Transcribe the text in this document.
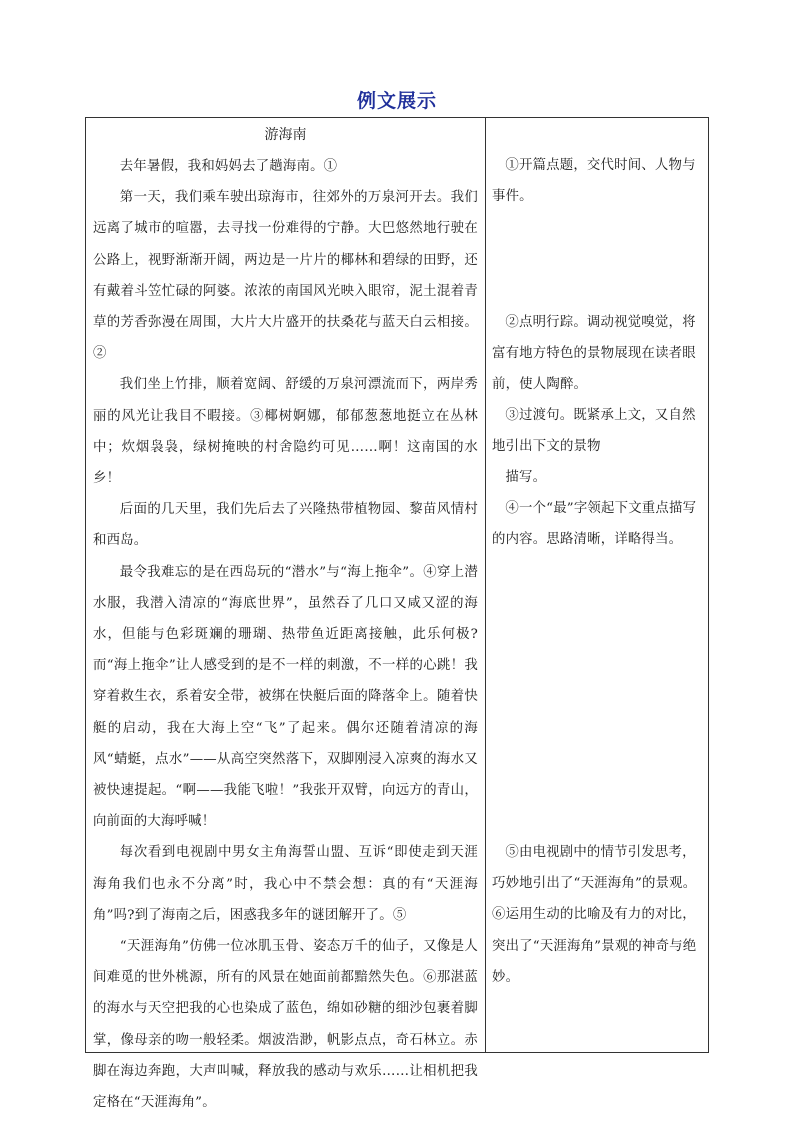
例文展示
游海南

去年暑假，我和妈妈去了趟海南。①

第一天，我们乘车驶出琼海市，往郊外的万泉河开去。我们远离了城市的喧嚣，去寻找一份难得的宁静。大巴悠然地行驶在公路上，视野渐渐开阔，两边是一片片的椰林和碧绿的田野，还有戴着斗笠忙碌的阿婆。浓浓的南国风光映入眼帘，泥土混着青草的芳香弥漫在周围，大片大片盛开的扶桑花与蓝天白云相接。②

我们坐上竹排，顺着宽阔、舒缓的万泉河漂流而下，两岸秀丽的风光让我目不暇接。③椰树婀娜，郁郁葱葱地挺立在丛林中；炊烟袅袅，绿树掩映的村舍隐约可见……啊！这南国的水乡！

后面的几天里，我们先后去了兴隆热带植物园、黎苗风情村和西岛。

最令我难忘的是在西岛玩的“潜水”与“海上拖伞”。④穿上潜水服，我潜入清凉的“海底世界”，虽然吞了几口又咸又涩的海水，但能与色彩斑斓的珊瑚、热带鱼近距离接触，此乐何极?而“海上拖伞”让人感受到的是不一样的刺激，不一样的心跳！我穿着救生衣，系着安全带，被绑在快艇后面的降落伞上。随着快艇的启动，我在大海上空“飞”了起来。偶尔还随着清凉的海风“蜻蜓，点水”——从高空突然落下，双脚刚浸入凉爽的海水又被快速提起。“啊——我能飞啦！”我张开双臂，向远方的青山，向前面的大海呼喊！

每次看到电视剧中男女主角海誓山盟、互诉“即使走到天涯海角我们也永不分离”时，我心中不禁会想：真的有“天涯海角”吗?到了海南之后，困惑我多年的谜团解开了。⑤

“天涯海角”仿佛一位冰肌玉骨、姿态万千的仙子，又像是人间难觅的世外桃源，所有的风景在她面前都黯然失色。⑥那湛蓝的海水与天空把我的心也染成了蓝色，绵如砂糖的细沙包裹着脚掌，像母亲的吻一般轻柔。烟波浩渺，帆影点点，奇石林立。赤脚在海边奔跑，大声叫喊，释放我的感动与欢乐……让相机把我定格在“天涯海角”。

①开篇点题，交代时间、人物与事件。

②点明行踪。调动视觉嗅觉，将富有地方特色的景物展现在读者眼前，使人陶醉。

③过渡句。既紧承上文，又自然地引出下文的景物

描写。

④一个“最”字领起下文重点描写的内容。思路清晰，详略得当。

⑤由电视剧中的情节引发思考，巧妙地引出了“天涯海角”的景观。⑥运用生动的比喻及有力的对比，突出了“天涯海角”景观的神奇与绝妙。
